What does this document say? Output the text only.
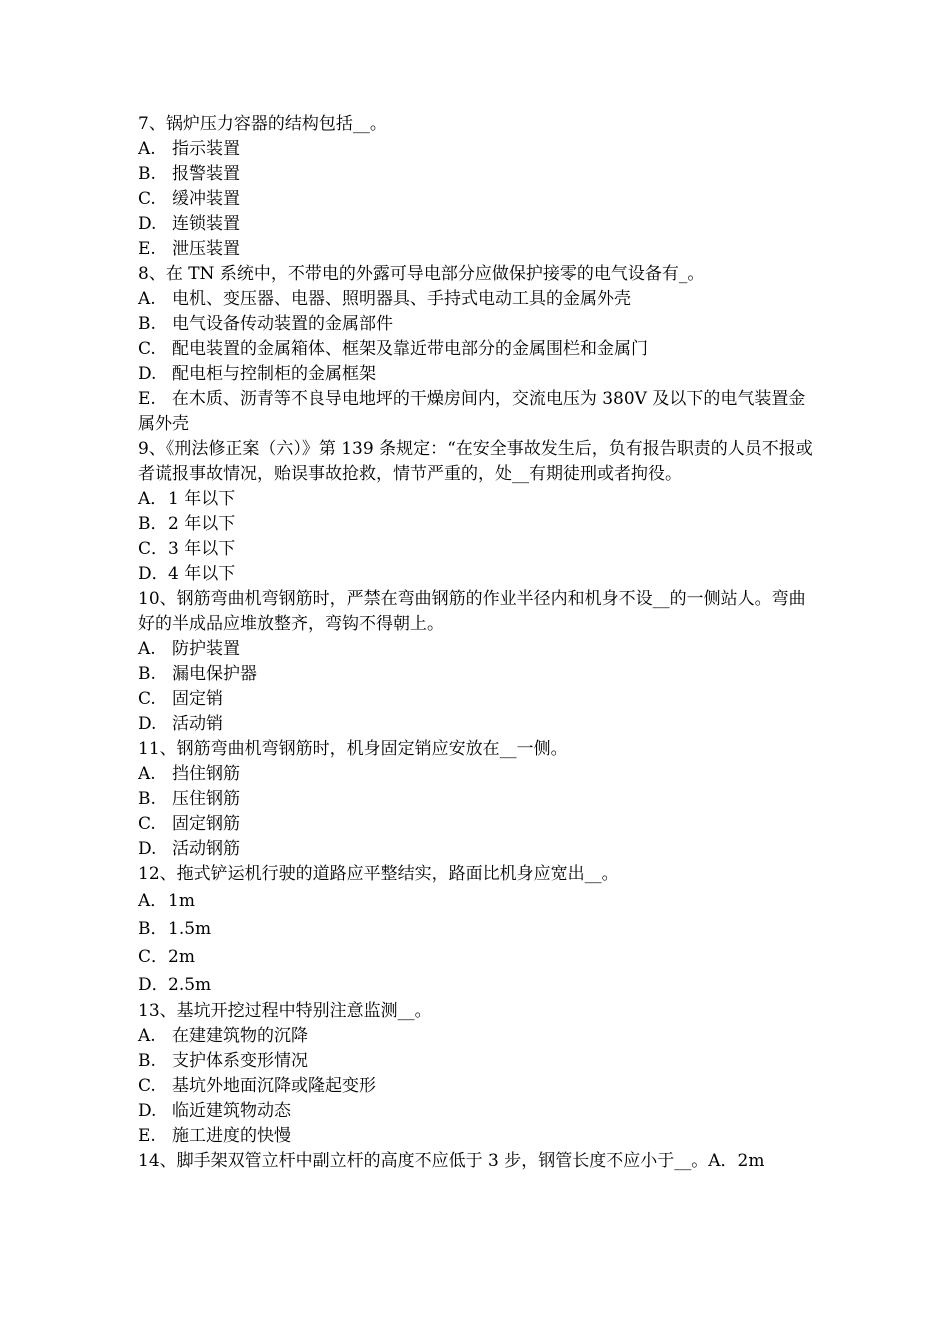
7、锅炉压力容器的结构包括__。
A. 指示装置
B. 报警装置
C. 缓冲装置
D. 连锁装置
E. 泄压装置
8、在 TN 系统中，不带电的外露可导电部分应做保护接零的电气设备有_。
A. 电机、变压器、电器、照明器具、手持式电动工具的金属外壳
B. 电气设备传动装置的金属部件
C. 配电装置的金属箱体、框架及靠近带电部分的金属围栏和金属门
D. 配电柜与控制柜的金属框架
E. 在木质、沥青等不良导电地坪的干燥房间内，交流电压为 380V 及以下的电气装置金属外壳
9、《刑法修正案（六）》第 139 条规定：“在安全事故发生后，负有报告职责的人员不报或者谎报事故情况，贻误事故抢救，情节严重的，处__有期徒刑或者拘役。
A． 1 年以下
B． 2 年以下
C． 3 年以下
D． 4 年以下
10、钢筋弯曲机弯钢筋时，严禁在弯曲钢筋的作业半径内和机身不设__的一侧站人。弯曲好的半成品应堆放整齐，弯钩不得朝上。
A. 防护装置
B. 漏电保护器
C. 固定销
D. 活动销
11、钢筋弯曲机弯钢筋时，机身固定销应安放在__一侧。
A. 挡住钢筋
B. 压住钢筋
C. 固定钢筋
D. 活动钢筋
12、拖式铲运机行驶的道路应平整结实，路面比机身应宽出__。
A． 1m
B． 1.5m
C． 2m
D． 2.5m
13、基坑开挖过程中特别注意监测__。
A. 在建建筑物的沉降
B. 支护体系变形情况
C. 基坑外地面沉降或隆起变形
D. 临近建筑物动态
E. 施工进度的快慢
14、脚手架双管立杆中副立杆的高度不应低于 3 步，钢管长度不应小于__。A．2m
